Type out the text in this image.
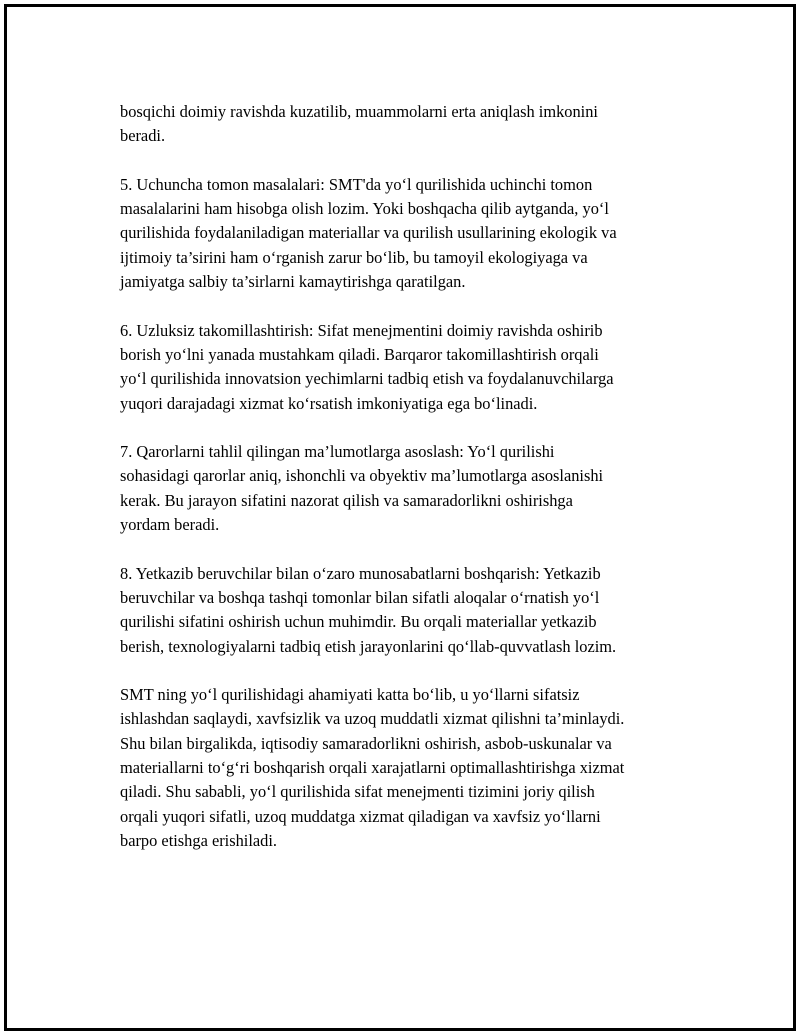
bosqichi doimiy ravishda kuzatilib, muammolarni erta aniqlash imkonini
beradi.

5. Uchuncha tomon masalalari: SMT'da yo‘l qurilishida uchinchi tomon
masalalarini ham hisobga olish lozim. Yoki boshqacha qilib aytganda, yo‘l
qurilishida foydalaniladigan materiallar va qurilish usullarining ekologik va
ijtimoiy ta’sirini ham o‘rganish zarur bo‘lib, bu tamoyil ekologiyaga va
jamiyatga salbiy ta’sirlarni kamaytirishga qaratilgan.

6. Uzluksiz takomillashtirish: Sifat menejmentini doimiy ravishda oshirib
borish yo‘lni yanada mustahkam qiladi. Barqaror takomillashtirish orqali
yo‘l qurilishida innovatsion yechimlarni tadbiq etish va foydalanuvchilarga
yuqori darajadagi xizmat ko‘rsatish imkoniyatiga ega bo‘linadi.

7. Qarorlarni tahlil qilingan ma’lumotlarga asoslash: Yo‘l qurilishi
sohasidagi qarorlar aniq, ishonchli va obyektiv ma’lumotlarga asoslanishi
kerak. Bu jarayon sifatini nazorat qilish va samaradorlikni oshirishga
yordam beradi.

8. Yetkazib beruvchilar bilan o‘zaro munosabatlarni boshqarish: Yetkazib
beruvchilar va boshqa tashqi tomonlar bilan sifatli aloqalar o‘rnatish yo‘l
qurilishi sifatini oshirish uchun muhimdir. Bu orqali materiallar yetkazib
berish, texnologiyalarni tadbiq etish jarayonlarini qo‘llab-quvvatlash lozim.

SMT ning yo‘l qurilishidagi ahamiyati katta bo‘lib, u yo‘llarni sifatsiz
ishlashdan saqlaydi, xavfsizlik va uzoq muddatli xizmat qilishni ta’minlaydi.
Shu bilan birgalikda, iqtisodiy samaradorlikni oshirish, asbob-uskunalar va
materiallarni to‘g‘ri boshqarish orqali xarajatlarni optimallashtirishga xizmat
qiladi. Shu sababli, yo‘l qurilishida sifat menejmenti tizimini joriy qilish
orqali yuqori sifatli, uzoq muddatga xizmat qiladigan va xavfsiz yo‘llarni
barpo etishga erishiladi.
